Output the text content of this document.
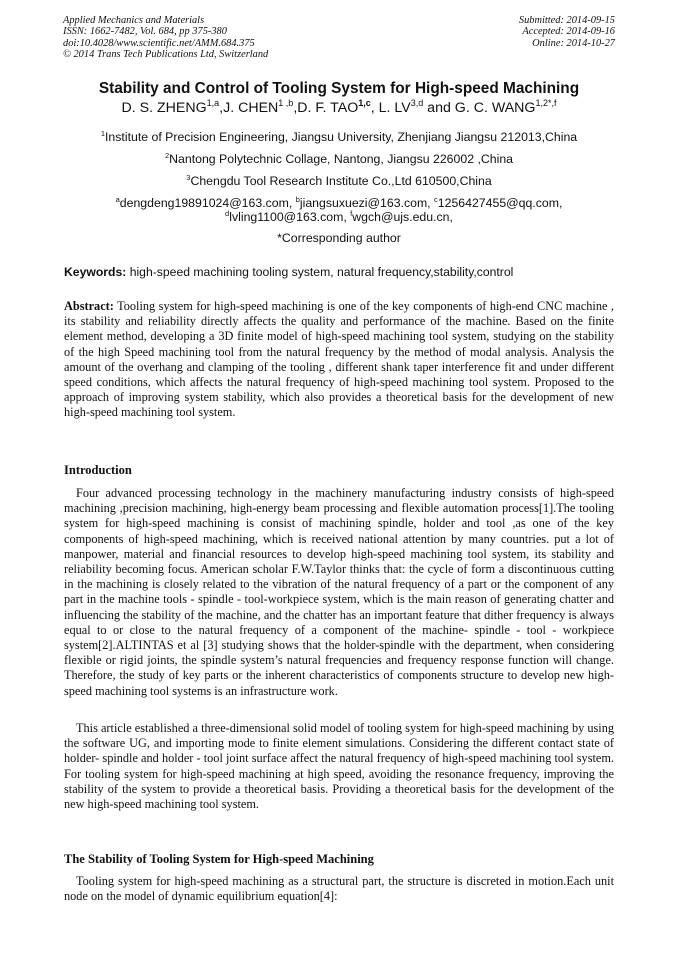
Applied Mechanics and Materials
ISSN: 1662-7482, Vol. 684, pp 375-380
doi:10.4028/www.scientific.net/AMM.684.375
© 2014 Trans Tech Publications Ltd, Switzerland
Submitted: 2014-09-15
Accepted: 2014-09-16
Online: 2014-10-27
Stability and Control of Tooling System for High-speed Machining
D. S. ZHENG$^{1,a}$,J. CHEN$^{1 ,b}$,D. F. TAO$^{1,c}$, L. LV$^{3,d}$ and G. C. $WANG^{1,2*,f}$
$^1$Institute of Precision Engineering, Jiangsu University, Zhenjiang Jiangsu 212013,China
$^2$Nantong Polytechnic Collage, Nantong, Jiangsu 226002 ,China
$^3$Chengdu Tool Research Institute Co.,Ltd 610500,China
$^a$dengdeng19891024@163.com, $^b$jiangsuxuezi@163.com, $^c$1256427455@qq.com,
$^d$lvling1100@163.com, $^f$wgch@ujs.edu.cn,
*Corresponding author
Keywords: high-speed machining tooling system, natural frequency,stability,control
Abstract: Tooling system for high-speed machining is one of the key components of high-end CNC machine , its stability and reliability directly affects the quality and performance of the machine. Based on the finite element method, developing a 3D finite model of high-speed machining tool system, studying on the stability of the high Speed machining tool from the natural frequency by the method of modal analysis. Analysis the amount of the overhang and clamping of the tooling , different shank taper interference fit and under different speed conditions, which affects the natural frequency of high-speed machining tool system. Proposed to the approach of improving system stability, which also provides a theoretical basis for the development of new high-speed machining tool system.
Introduction
Four advanced processing technology in the machinery manufacturing industry consists of high-speed machining ,precision machining, high-energy beam processing and flexible automation process[1].The tooling system for high-speed machining is consist of machining spindle, holder and tool ,as one of the key components of high-speed machining, which is received national attention by many countries. put a lot of manpower, material and financial resources to develop high-speed machining tool system, its stability and reliability becoming focus. American scholar F.W.Taylor thinks that: the cycle of form a discontinuous cutting in the machining is closely related to the vibration of the natural frequency of a part or the component of any part in the machine tools - spindle - tool-workpiece system, which is the main reason of generating chatter and influencing the stability of the machine, and the chatter has an important feature that dither frequency is always equal to or close to the natural frequency of a component of the machine- spindle - tool - workpiece system[2].ALTINTAS et al [3] studying shows that the holder-spindle with the department, when considering flexible or rigid joints, the spindle system’s natural frequencies and frequency response function will change. Therefore, the study of key parts or the inherent characteristics of components structure to develop new high-speed machining tool systems is an infrastructure work.
This article established a three-dimensional solid model of tooling system for high-speed machining by using the software UG, and importing mode to finite element simulations. Considering the different contact state of holder- spindle and holder - tool joint surface affect the natural frequency of high-speed machining tool system. For tooling system for high-speed machining at high speed, avoiding the resonance frequency, improving the stability of the system to provide a theoretical basis. Providing a theoretical basis for the development of the new high-speed machining tool system.
The Stability of Tooling System for High-speed Machining
Tooling system for high-speed machining as a structural part, the structure is discreted in motion.Each unit node on the model of dynamic equilibrium equation[4]:
